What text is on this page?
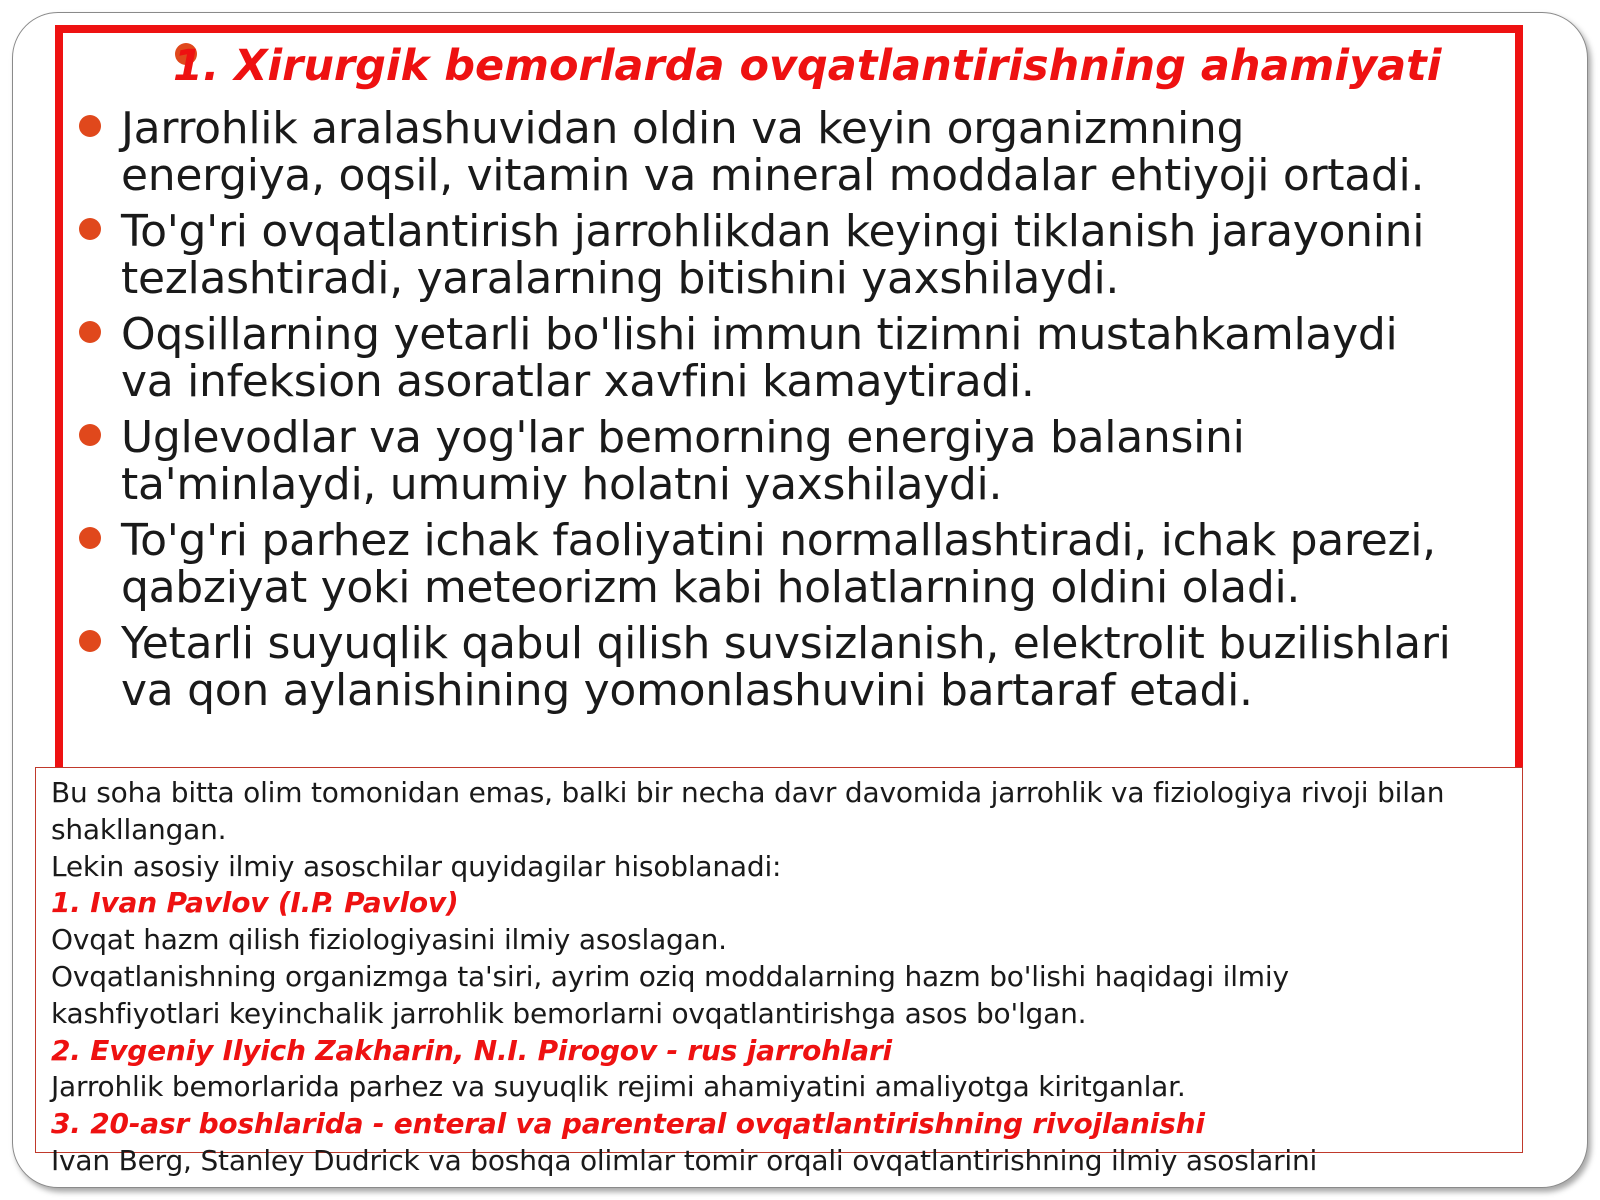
1. Xirurgik bemorlarda ovqatlantirishning ahamiyati
Jarrohlik aralashuvidan oldin va keyin organizmning
energiya, oqsil, vitamin va mineral moddalar ehtiyoji ortadi.
To'g'ri ovqatlantirish jarrohlikdan keyingi tiklanish jarayonini
tezlashtiradi, yaralarning bitishini yaxshilaydi.
Oqsillarning yetarli bo'lishi immun tizimni mustahkamlaydi
va infeksion asoratlar xavfini kamaytiradi.
Uglevodlar va yog'lar bemorning energiya balansini
ta'minlaydi, umumiy holatni yaxshilaydi.
To'g'ri parhez ichak faoliyatini normallashtiradi, ichak parezi,
qabziyat yoki meteorizm kabi holatlarning oldini oladi.
Yetarli suyuqlik qabul qilish suvsizlanish, elektrolit buzilishlari
va qon aylanishining yomonlashuvini bartaraf etadi.
Bu soha bitta olim tomonidan emas, balki bir necha davr davomida jarrohlik va fiziologiya rivoji bilan
shakllangan.
Lekin asosiy ilmiy asoschilar quyidagilar hisoblanadi:
1. Ivan Pavlov (I.P. Pavlov)
Ovqat hazm qilish fiziologiyasini ilmiy asoslagan.
Ovqatlanishning organizmga ta'siri, ayrim oziq moddalarning hazm bo'lishi haqidagi ilmiy
kashfiyotlari keyinchalik jarrohlik bemorlarni ovqatlantirishga asos bo'lgan.
2. Evgeniy Ilyich Zakharin, N.I. Pirogov - rus jarrohlari
Jarrohlik bemorlarida parhez va suyuqlik rejimi ahamiyatini amaliyotga kiritganlar.
3. 20-asr boshlarida - enteral va parenteral ovqatlantirishning rivojlanishi
Ivan Berg, Stanley Dudrick va boshqa olimlar tomir orqali ovqatlantirishning ilmiy asoslarini
